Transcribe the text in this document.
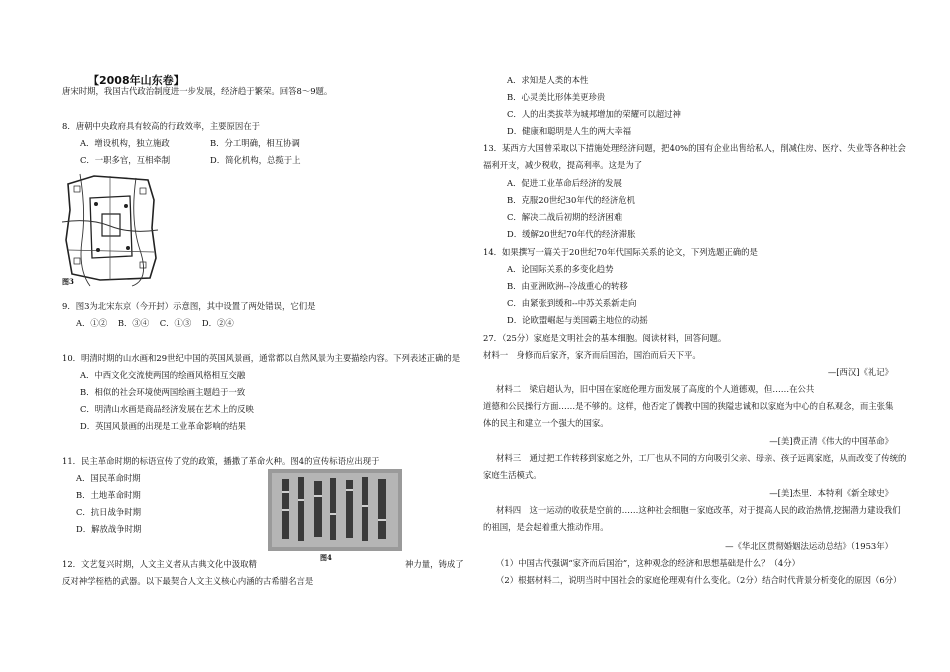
【2008年山东卷】
唐宋时期，我国古代政治制度进一步发展，经济趋于繁荣。回答8～9题。
8．唐朝中央政府具有较高的行政效率，主要原因在于
A．增设机构，独立施政	B．分工明确，相互协调
C．一职多官，互相牵制	D．简化机构，总揽于上
图3
9．图3为北宋东京（今开封）示意图，其中设置了两处错误，它们是
A．①②    B．③④    C．①③    D．②④
10．明清时期的山水画和29世纪中国的英国风景画，通常都以自然风景为主要描绘内容。下列表述正确的是
A．中西文化交流使两国的绘画风格相互交融
B．相似的社会环境使两国绘画主题趋于一致
C．明清山水画是商品经济发展在艺术上的反映
D．英国风景画的出现是工业革命影响的结果
11．民主革命时期的标语宣传了党的政策，播撒了革命火种。图4的宣传标语应出现于
A．国民革命时期
B．土地革命时期
C．抗日战争时期
D．解放战争时期
图4
12．文艺复兴时期，人文主义者从古典文化中汲取精	神力量，铸成了
反对神学桎梏的武器。以下最契合人文主义核心内涵的古希腊名言是
A．求知是人类的本性
B．心灵美比形体美更珍贵
C．人的出类拔萃为城邦增加的荣耀可以超过神
D．健康和聪明是人生的两大幸福
13．某西方大国曾采取以下措施处理经济问题，把40%的国有企业出售给私人，削减住房、医疗、失业等各种社会
福利开支，减少税收，提高利率。这是为了
A．促进工业革命后经济的发展
B．克服20世纪30年代的经济危机
C．解决二战后初期的经济困难
D．缓解20世纪70年代的经济滞胀
14．如果撰写一篇关于20世纪70年代国际关系的论文，下列选题正确的是
A．论国际关系的多变化趋势
B．由亚洲欧洲--冷战重心的转移
C．由紧张到缓和--中苏关系新走向
D．论欧盟崛起与美国霸主地位的动摇
27．（25分）家庭是文明社会的基本细胞。阅读材料，回答问题。
材料一　身修而后家齐，家齐而后国治，国治而后天下平。
—[西汉]《礼记》
材料二　梁启超认为，旧中国在家庭伦理方面发展了高度的个人道德观，但……在公共
道德和公民操行方面……是不够的。这样，他否定了儒教中国的狭隘忠诚和以家庭为中心的自私观念，而主张集
体的民主和建立一个强大的国家。
—[美]费正清《伟大的中国革命》
材料三　通过把工作转移到家庭之外，工厂也从不同的方向吸引父亲、母亲、孩子远离家庭，从而改变了传统的
家庭生活模式。
—[美]杰里．本特利《新全球史》
材料四　这一运动的收获是空前的……这种社会细胞－家庭改革，对于提高人民的政治热情,挖掘潜力建设我们
的祖国，是会起着重大推动作用。
—《华北区贯彻婚姻法运动总结》（1953年）
（1）中国古代强调“家齐而后国治”，这种观念的经济和思想基础是什么？（4分）
（2）根据材料二，说明当时中国社会的家庭伦理观有什么变化。（2分）结合时代背景分析变化的原因（6分）
